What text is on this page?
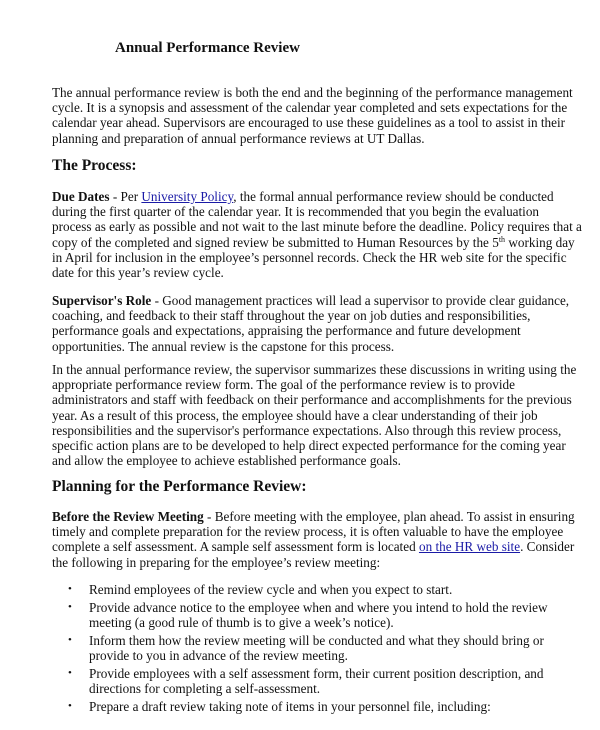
Annual Performance Review
The annual performance review is both the end and the beginning of the performance management
cycle. It is a synopsis and assessment of the calendar year completed and sets expectations for the
calendar year ahead. Supervisors are encouraged to use these guidelines as a tool to assist in their
planning and preparation of annual performance reviews at UT Dallas.
The Process:
Due Dates - Per University Policy, the formal annual performance review should be conducted
during the first quarter of the calendar year. It is recommended that you begin the evaluation
process as early as possible and not wait to the last minute before the deadline. Policy requires that a
copy of the completed and signed review be submitted to Human Resources by the 5th working day
in April for inclusion in the employee’s personnel records. Check the HR web site for the specific
date for this year’s review cycle.
Supervisor's Role - Good management practices will lead a supervisor to provide clear guidance,
coaching, and feedback to their staff throughout the year on job duties and responsibilities,
performance goals and expectations, appraising the performance and future development
opportunities. The annual review is the capstone for this process.
In the annual performance review, the supervisor summarizes these discussions in writing using the
appropriate performance review form. The goal of the performance review is to provide
administrators and staff with feedback on their performance and accomplishments for the previous
year. As a result of this process, the employee should have a clear understanding of their job
responsibilities and the supervisor's performance expectations. Also through this review process,
specific action plans are to be developed to help direct expected performance for the coming year
and allow the employee to achieve established performance goals.
Planning for the Performance Review:
Before the Review Meeting - Before meeting with the employee, plan ahead. To assist in ensuring
timely and complete preparation for the review process, it is often valuable to have the employee
complete a self assessment. A sample self assessment form is located on the HR web site. Consider
the following in preparing for the employee’s review meeting:
• Remind employees of the review cycle and when you expect to start.
• Provide advance notice to the employee when and where you intend to hold the review
meeting (a good rule of thumb is to give a week’s notice).
• Inform them how the review meeting will be conducted and what they should bring or
provide to you in advance of the review meeting.
• Provide employees with a self assessment form, their current position description, and
directions for completing a self-assessment.
• Prepare a draft review taking note of items in your personnel file, including:
